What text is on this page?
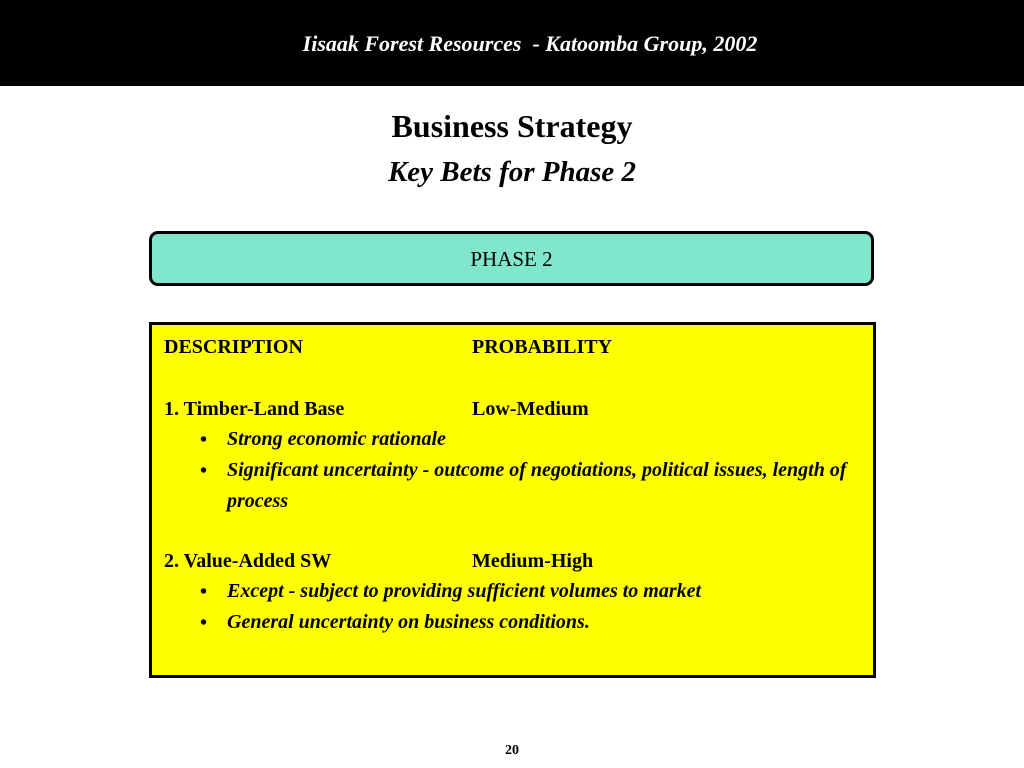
Iisaak Forest Resources  - Katoomba Group, 2002
Business Strategy
Key Bets for Phase 2
PHASE 2
DESCRIPTION	PROBABILITY
1. Timber-Land Base	Low-Medium
• Strong economic rationale
• Significant uncertainty - outcome of negotiations, political issues, length of process
2. Value-Added SW	Medium-High
• Except - subject to providing sufficient volumes to market
• General uncertainty on business conditions.
20
